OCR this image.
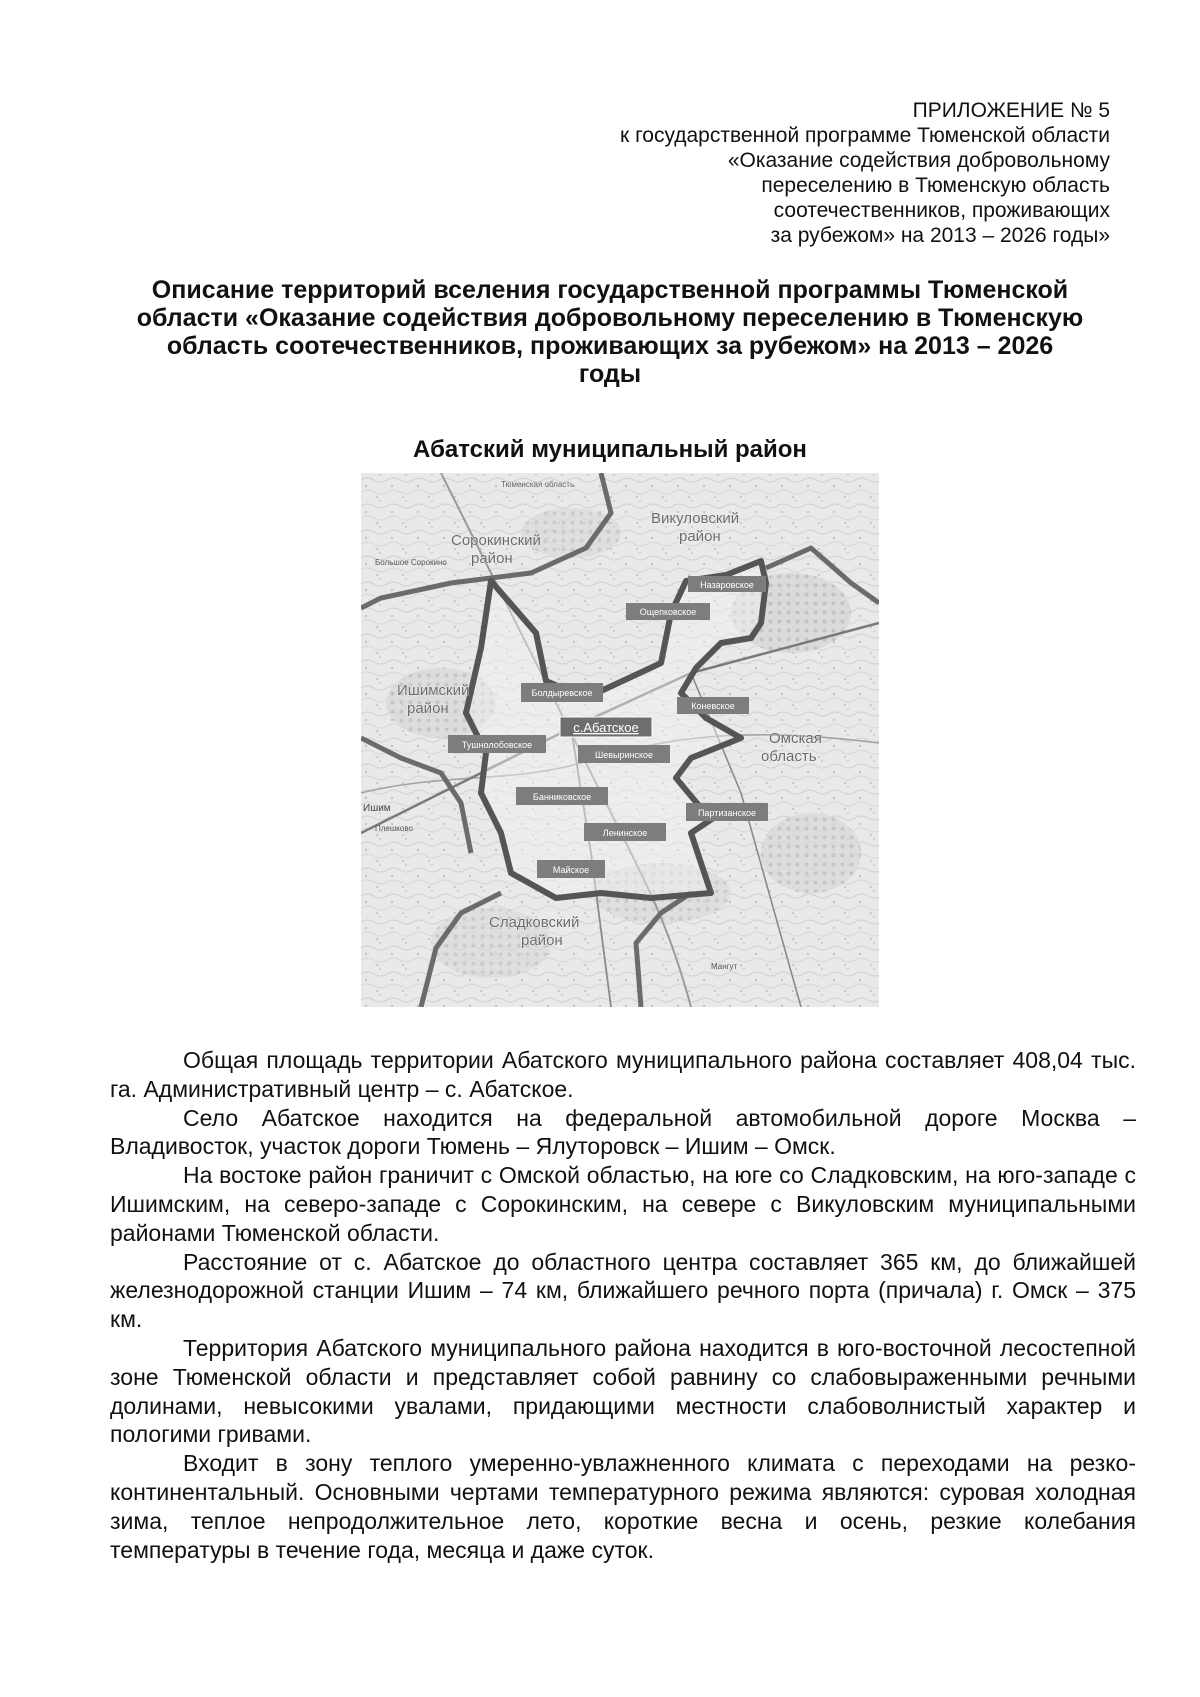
ПРИЛОЖЕНИЕ № 5
к государственной программе Тюменской области
«Оказание содействия добровольному
переселению в Тюменскую область
соотечественников, проживающих
за рубежом» на 2013 – 2026 годы»
Описание территорий вселения государственной программы Тюменской
области «Оказание содействия добровольному переселению в Тюменскую
область соотечественников, проживающих за рубежом» на 2013 – 2026
годы
Абатский муниципальный район
Тюменская область
Большое Сорокино
Ишим
Плешково
Мангут
Сорокинский
район
Викуловский
район
Ишимский
район
Омская
область
Сладковский
район
Назаровское
Ощепковское
Болдыревское
Коневское
с.Абатское
Тушнолобовское
Шевыринское
Банниковское
Партизанское
Ленинское
Майское

Общая площадь территории Абатского муниципального района составляет 408,04 тыс. га. Административный центр – с. Абатское.

Село Абатское находится на федеральной автомобильной дороге Москва – Владивосток, участок дороги Тюмень – Ялуторовск – Ишим – Омск.

На востоке район граничит с Омской областью, на юге со Сладковским, на юго-западе с Ишимским, на северо-западе с Сорокинским, на севере с Викуловским муниципальными районами Тюменской области.

Расстояние от с. Абатское до областного центра составляет 365 км, до ближайшей железнодорожной станции Ишим – 74 км, ближайшего речного порта (причала) г. Омск – 375 км.

Территория Абатского муниципального района находится в юго-восточной лесостепной зоне Тюменской области и представляет собой равнину со слабовыраженными речными долинами, невысокими увалами, придающими местности слабоволнистый характер и пологими гривами.

Входит в зону теплого умеренно-увлажненного климата с переходами на резко-континентальный. Основными чертами температурного режима являются: суровая холодная зима, теплое непродолжительное лето, короткие весна и осень, резкие колебания температуры в течение года, месяца и даже суток.
